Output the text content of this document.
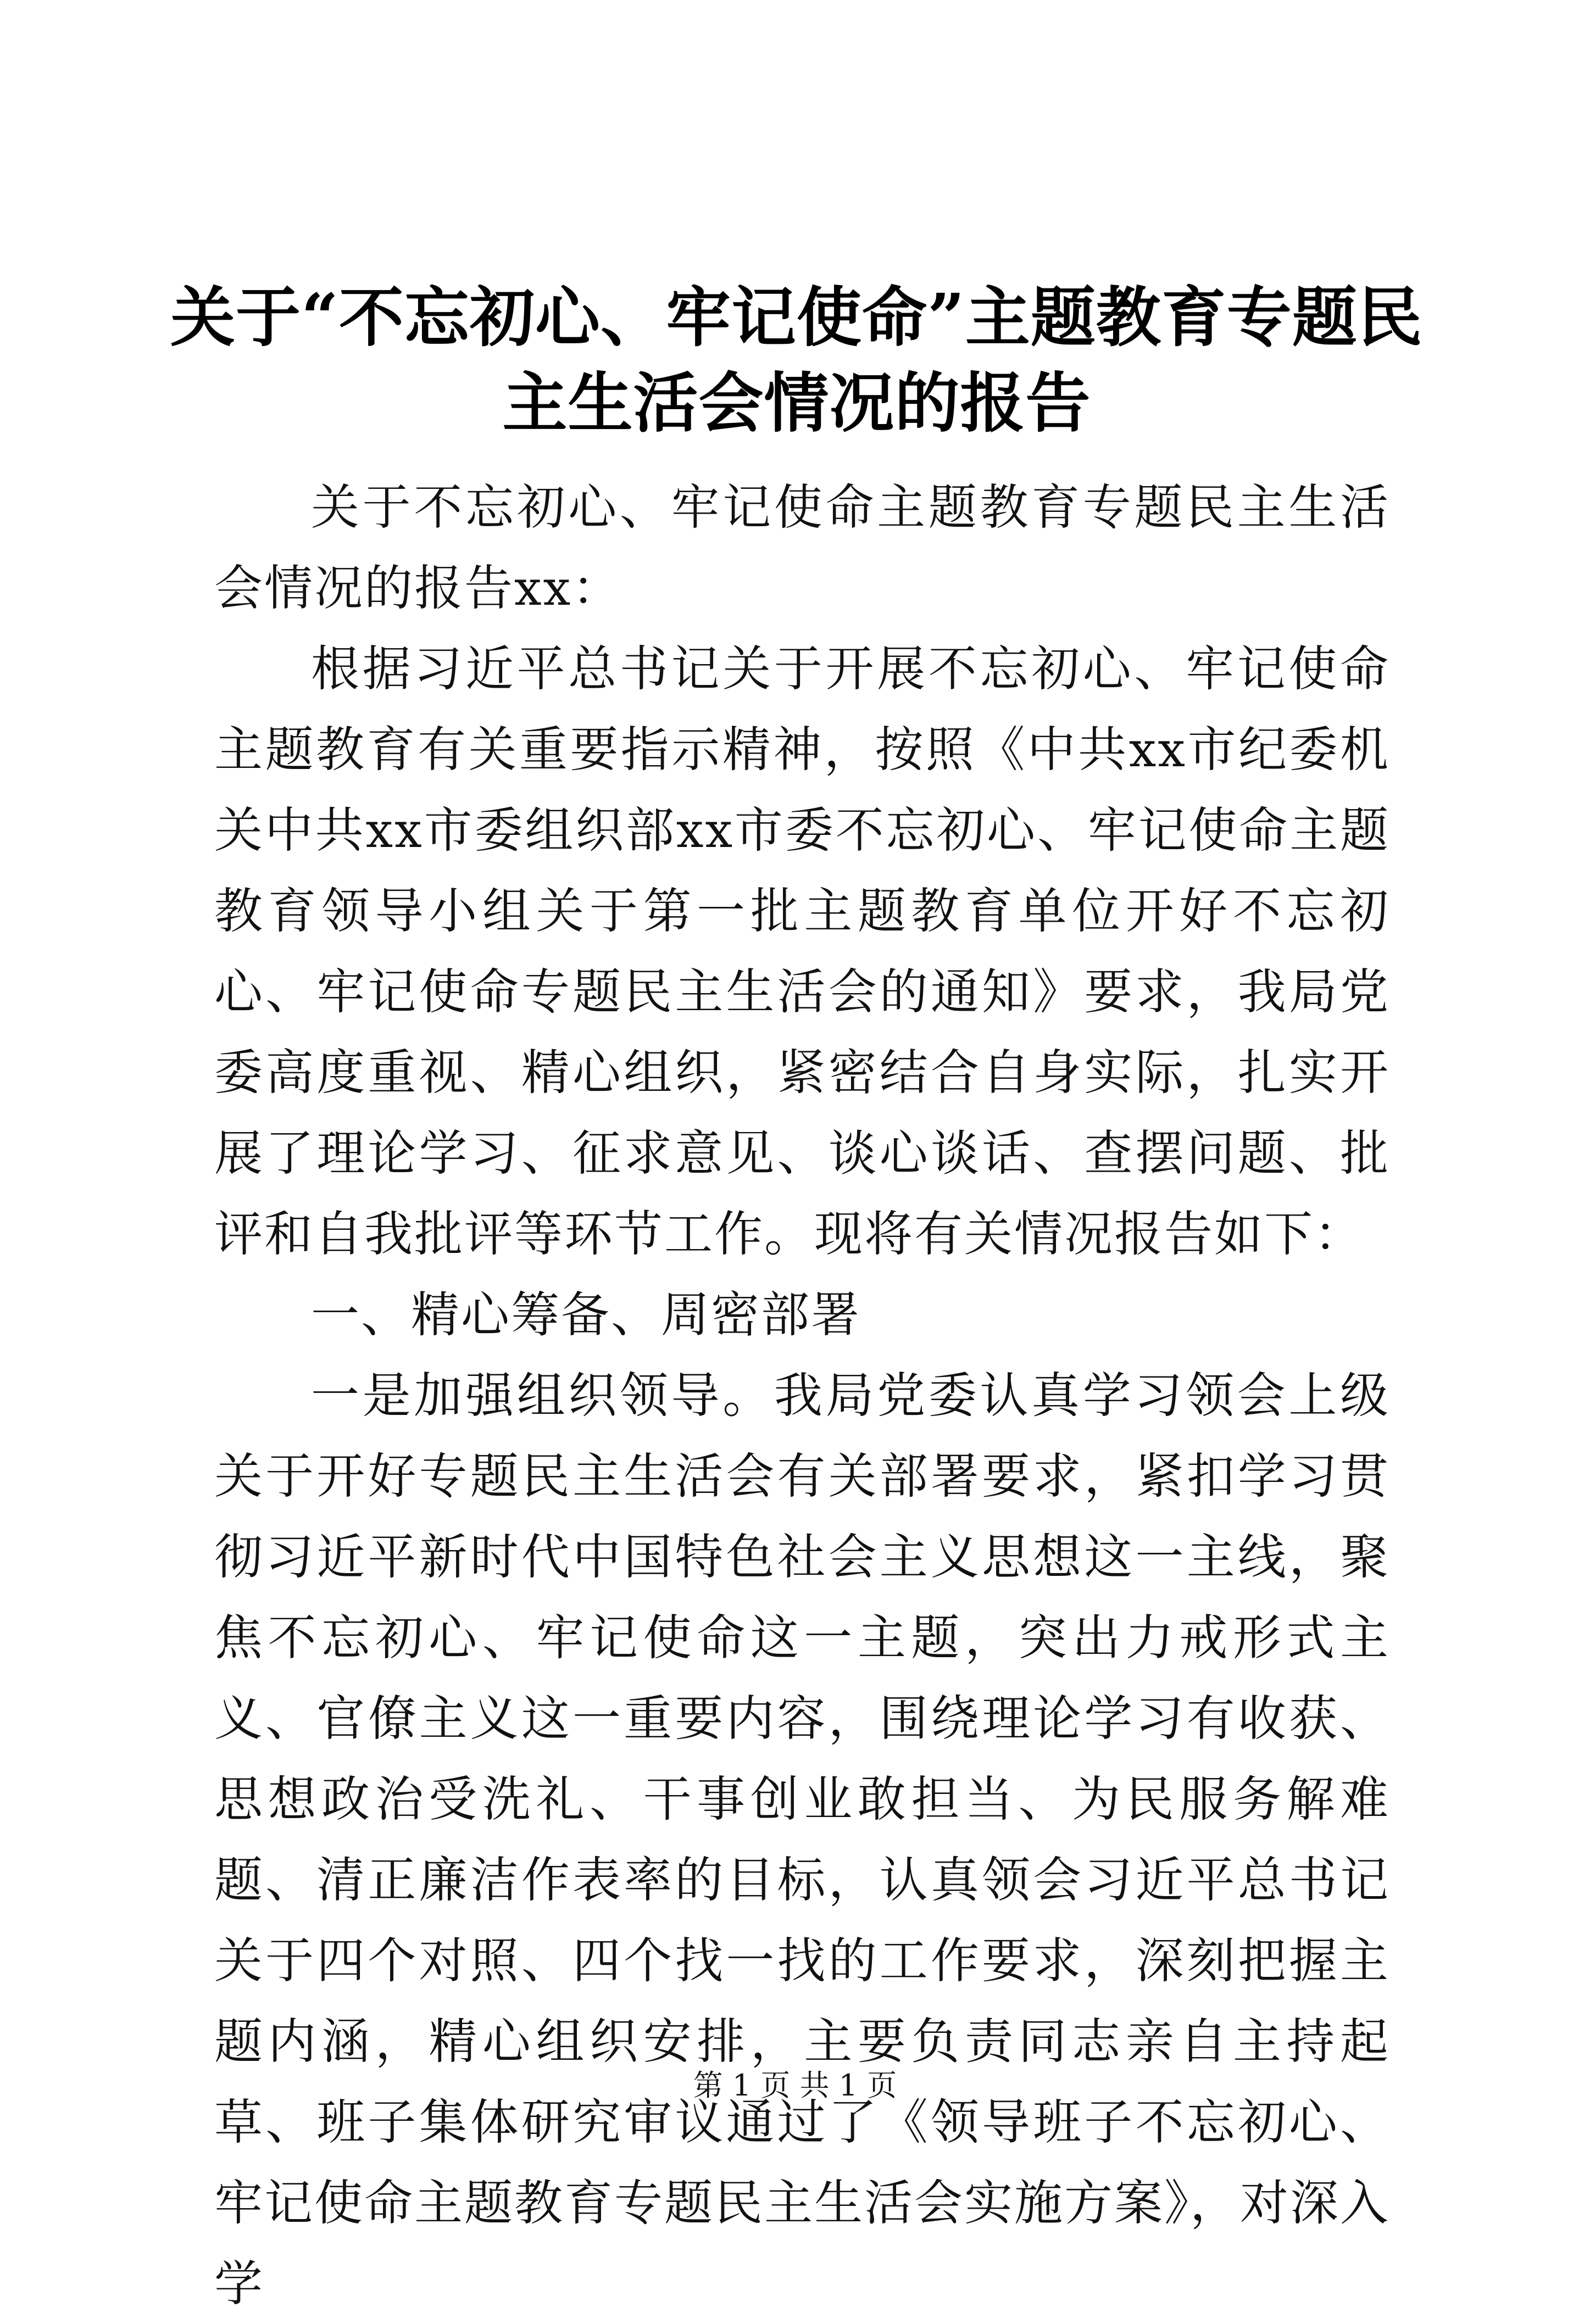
关于“不忘初心、牢记使命”主题教育专题民主生活会情况的报告

关于不忘初心、牢记使命主题教育专题民主生活会情况的报告xx：

根据习近平总书记关于开展不忘初心、牢记使命主题教育有关重要指示精神，按照《中共xx市纪委机关中共xx市委组织部xx市委不忘初心、牢记使命主题教育领导小组关于第一批主题教育单位开好不忘初心、牢记使命专题民主生活会的通知》要求，我局党委高度重视、精心组织，紧密结合自身实际，扎实开展了理论学习、征求意见、谈心谈话、查摆问题、批评和自我批评等环节工作。现将有关情况报告如下：

一、精心筹备、周密部署

一是加强组织领导。我局党委认真学习领会上级关于开好专题民主生活会有关部署要求，紧扣学习贯彻习近平新时代中国特色社会主义思想这一主线，聚焦不忘初心、牢记使命这一主题，突出力戒形式主义、官僚主义这一重要内容，围绕理论学习有收获、思想政治受洗礼、干事创业敢担当、为民服务解难题、清正廉洁作表率的目标，认真领会习近平总书记关于四个对照、四个找一找的工作要求，深刻把握主题内涵，精心组织安排，主要负责同志亲自主持起草、班子集体研究审议通过了《领导班子不忘初心、牢记使命主题教育专题民主生活会实施方案》，对深入学

第 1 页 共 1 页
